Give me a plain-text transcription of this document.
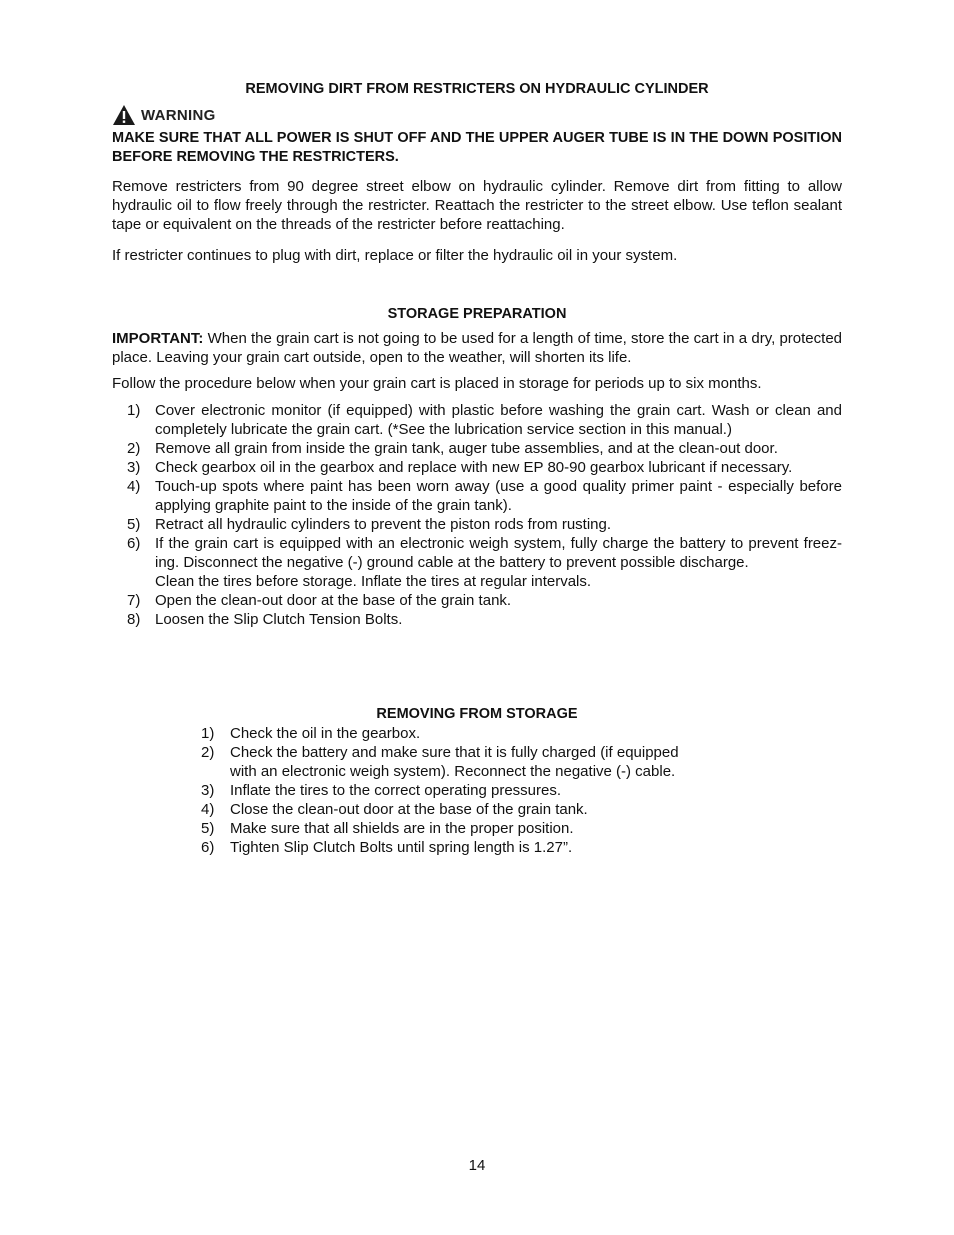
REMOVING DIRT FROM RESTRICTERS ON HYDRAULIC CYLINDER
WARNING
MAKE SURE THAT ALL POWER IS SHUT OFF AND THE UPPER AUGER TUBE IS IN THE DOWN POSITION BEFORE REMOVING THE RESTRICTERS.
Remove restricters from 90 degree street elbow on hydraulic cylinder. Remove dirt from fitting to allow hydraulic oil to flow freely through the restricter. Reattach the restricter to the street elbow. Use teflon sealant tape or equivalent on the threads of the restricter before reattaching.
If restricter continues to plug with dirt, replace or filter the hydraulic oil in your system.
STORAGE PREPARATION
IMPORTANT: When the grain cart is not going to be used for a length of time, store the cart in a dry, protected place. Leaving your grain cart outside, open to the weather, will shorten its life.
Follow the procedure below when your grain cart is placed in storage for periods up to six months.
1) Cover electronic monitor (if equipped) with plastic before washing the grain cart. Wash or clean and completely lubricate the grain cart. (*See the lubrication service section in this manual.)
2) Remove all grain from inside the grain tank, auger tube assemblies, and at the clean-out door.
3) Check gearbox oil in the gearbox and replace with new EP 80-90 gearbox lubricant if necessary.
4) Touch-up spots where paint has been worn away (use a good quality primer paint - especially before applying graphite paint to the inside of the grain tank).
5) Retract all hydraulic cylinders to prevent the piston rods from rusting.
6) If the grain cart is equipped with an electronic weigh system, fully charge the battery to prevent freez-ing. Disconnect the negative (-) ground cable at the battery to prevent possible discharge.
Clean the tires before storage. Inflate the tires at regular intervals.
7) Open the clean-out door at the base of the grain tank.
8) Loosen the Slip Clutch Tension Bolts.
REMOVING FROM STORAGE
1)	Check the oil in the gearbox.
2)	Check the battery and make sure that it is fully charged (if equipped with an electronic weigh system). Reconnect the negative (-) cable.
3)	Inflate the tires to the correct operating pressures.
4)	Close the clean-out door at the base of the grain tank.
5)	Make sure that all shields are in the proper position.
6)	Tighten Slip Clutch Bolts until spring length is 1.27”.
14
